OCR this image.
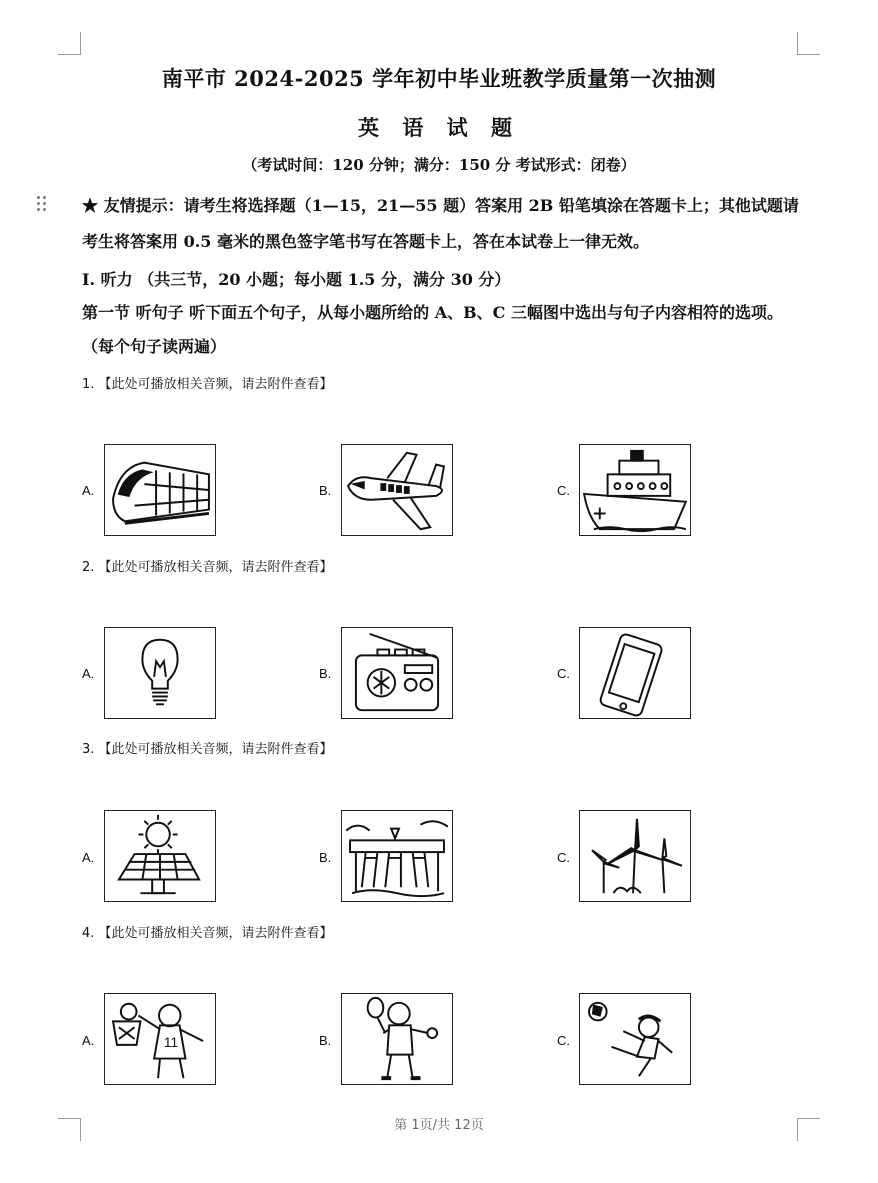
南平市 2024-2025 学年初中毕业班教学质量第一次抽测
英 语 试 题
（考试时间：120 分钟；满分：150 分 考试形式：闭卷）
★ 友情提示：请考生将选择题（1—15，21—55 题）答案用 2B 铅笔填涂在答题卡上；其他试题请考生将答案用 0.5 毫米的黑色签字笔书写在答题卡上，答在本试卷上一律无效。
I. 听力 （共三节，20 小题；每小题 1.5 分，满分 30 分）
第一节 听句子 听下面五个句子，从每小题所给的 A、B、C 三幅图中选出与句子内容相符的选项。（每个句子读两遍）
1. 【此处可播放相关音频，请去附件查看】
A.	B.	C.
2. 【此处可播放相关音频，请去附件查看】
A.	B.	C.
3. 【此处可播放相关音频，请去附件查看】
A.	B.	C.
4. 【此处可播放相关音频，请去附件查看】
A.	11	B.	C.
第 1页/共 12页
